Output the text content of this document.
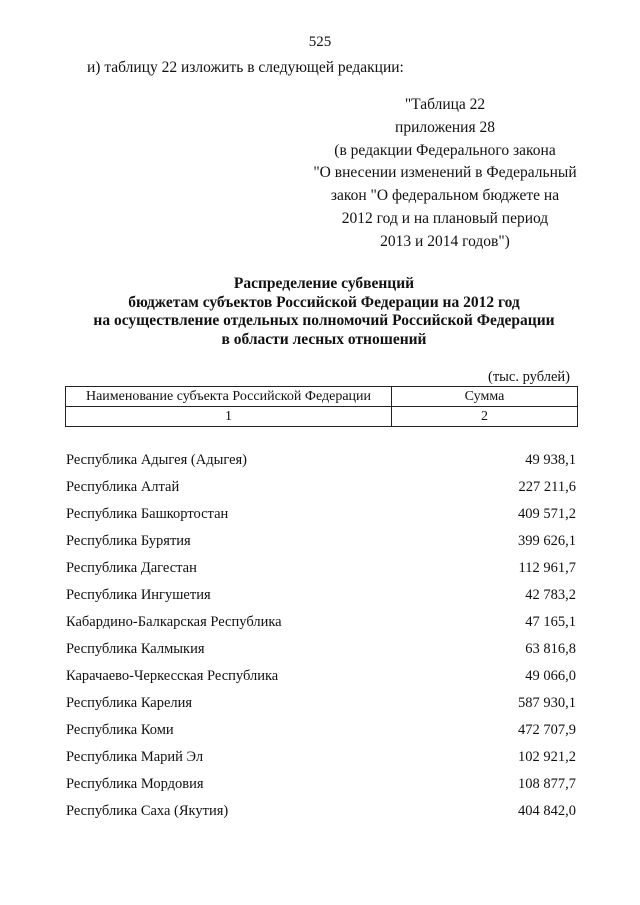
525
и) таблицу 22 изложить в следующей редакции:
"Таблица 22
приложения 28
(в редакции Федерального закона
"О внесении изменений в Федеральный
закон "О федеральном бюджете на
2012 год и на плановый период
2013 и 2014 годов")
Распределение субвенций
бюджетам субъектов Российской Федерации на 2012 год
на осуществление отдельных полномочий Российской Федерации
в области лесных отношений
(тыс. рублей)
Наименование субъекта Российской Федерации	Сумма
1	2
Республика Адыгея (Адыгея)	49 938,1
Республика Алтай	227 211,6
Республика Башкортостан	409 571,2
Республика Бурятия	399 626,1
Республика Дагестан	112 961,7
Республика Ингушетия	42 783,2
Кабардино-Балкарская Республика	47 165,1
Республика Калмыкия	63 816,8
Карачаево-Черкесская Республика	49 066,0
Республика Карелия	587 930,1
Республика Коми	472 707,9
Республика Марий Эл	102 921,2
Республика Мордовия	108 877,7
Республика Саха (Якутия)	404 842,0
